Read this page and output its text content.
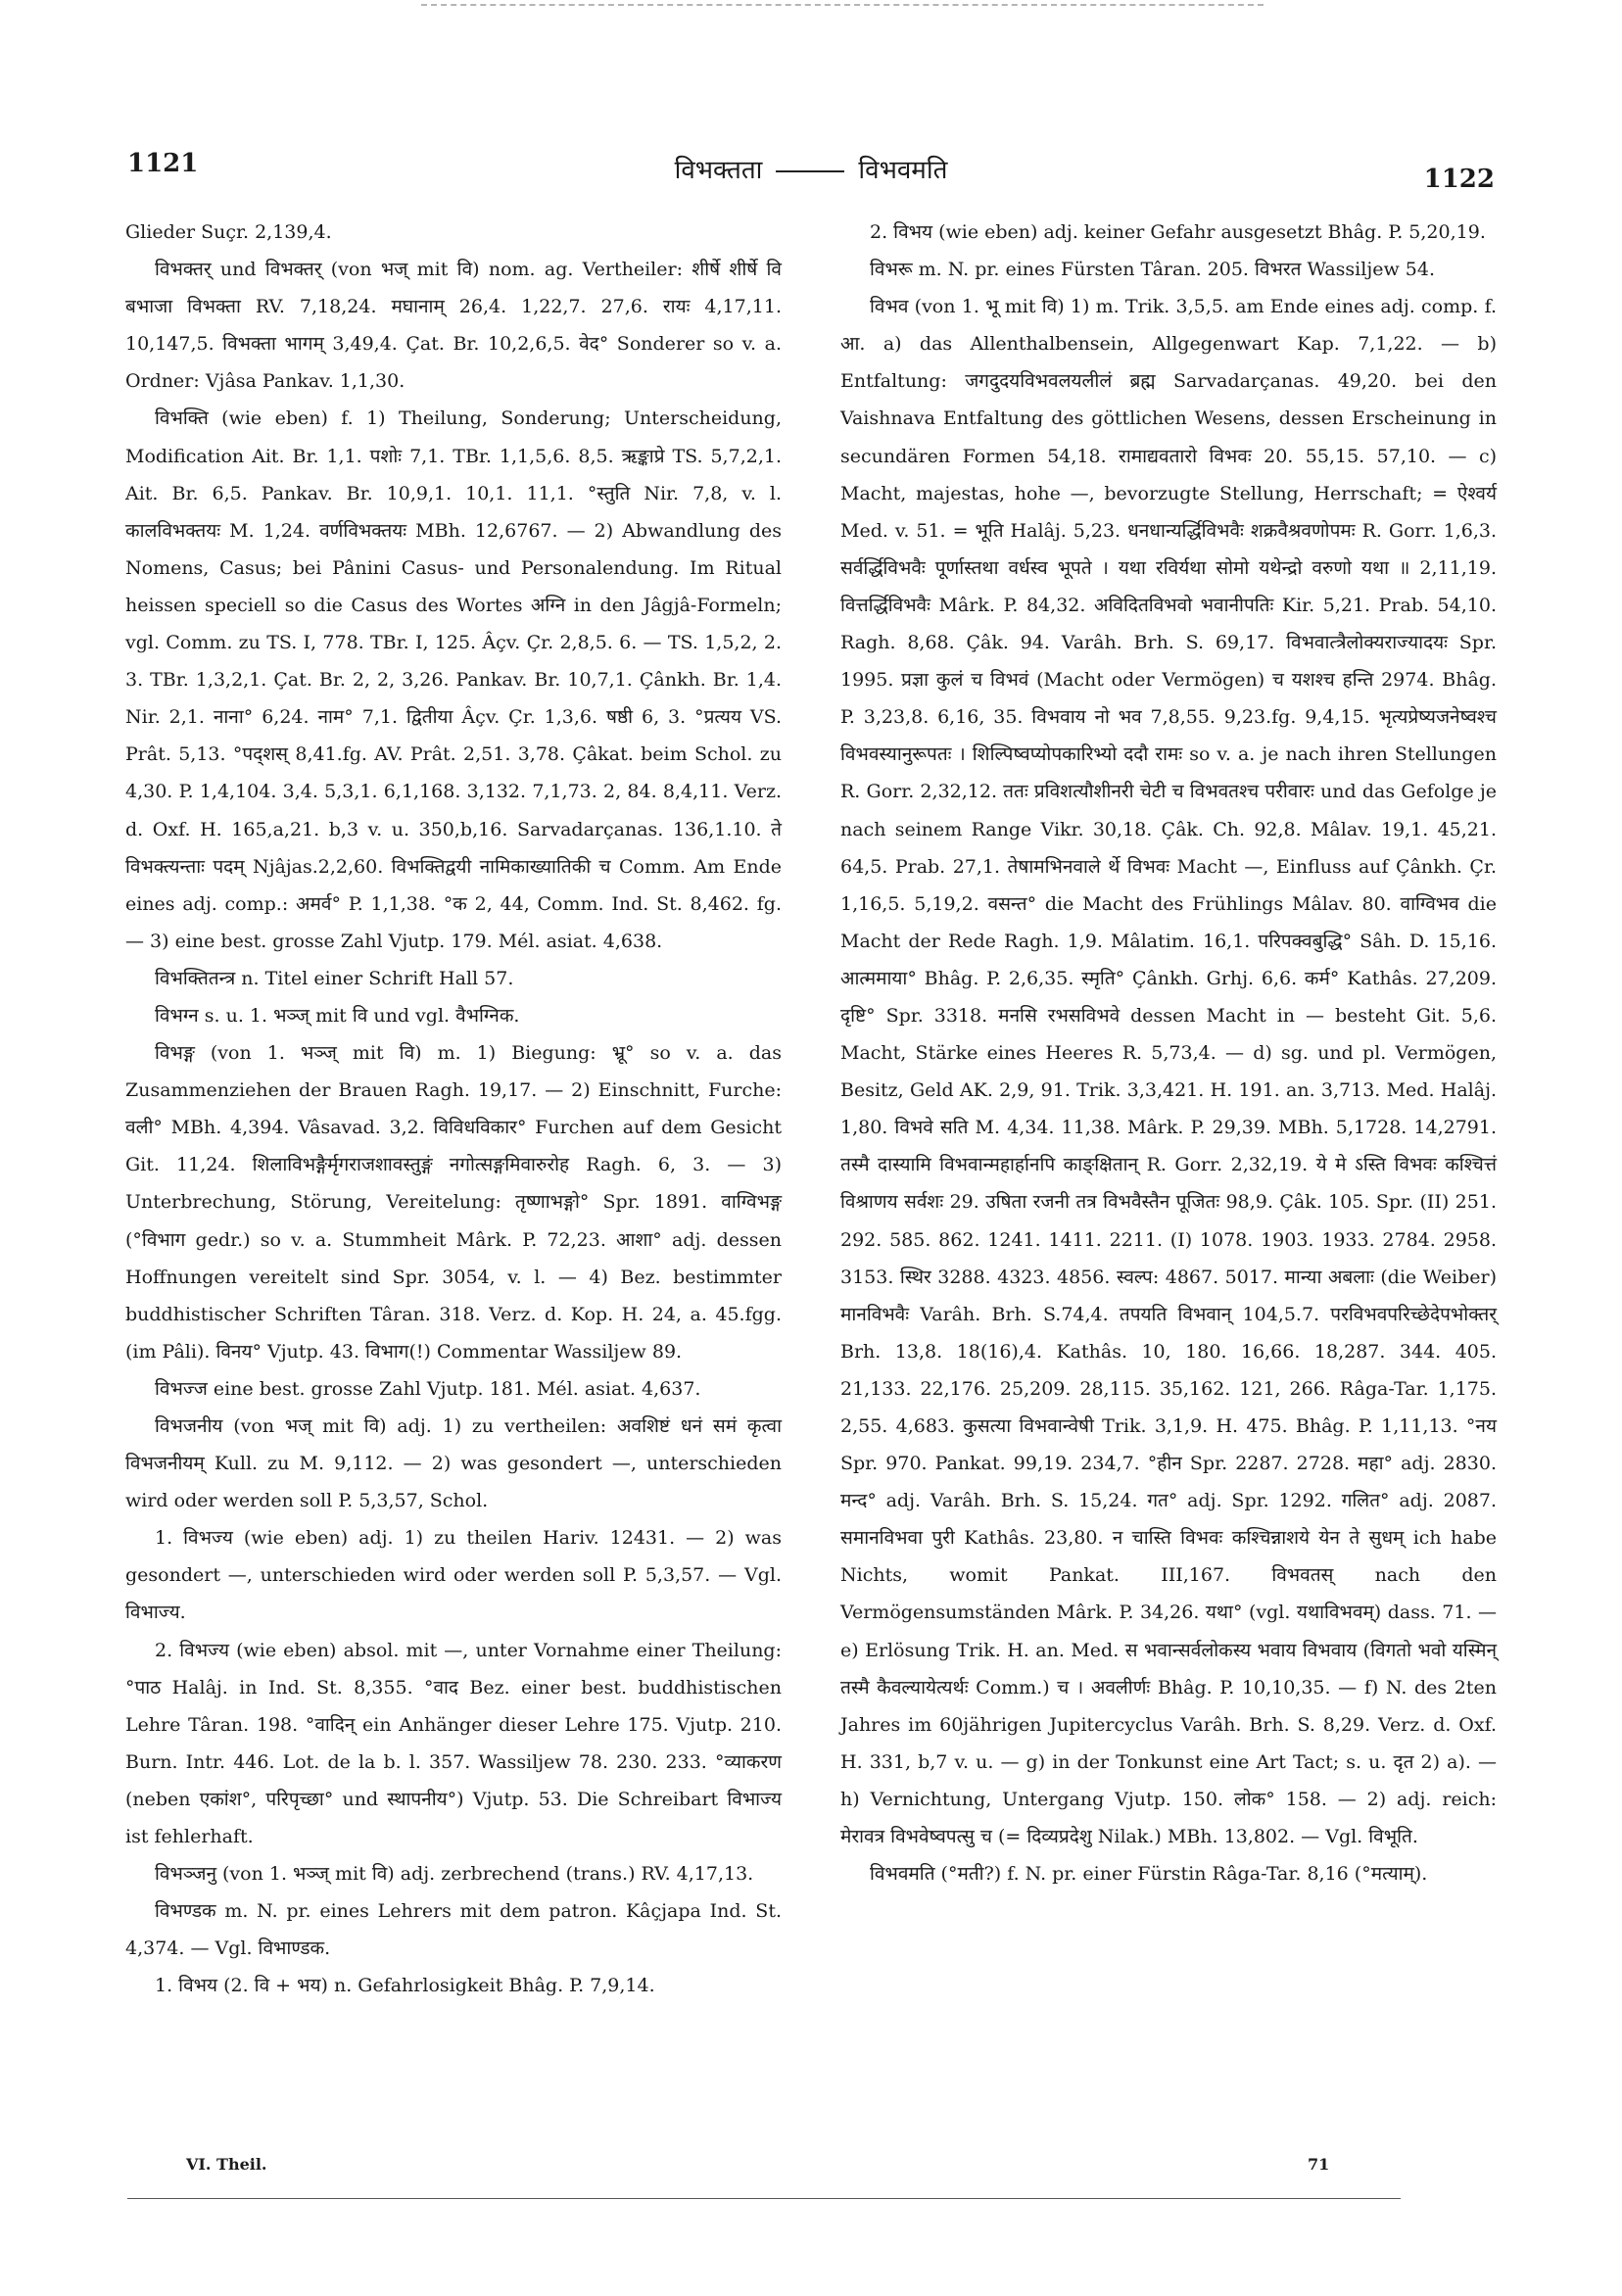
1121	विभक्तता	विभवमति	1122

Glieder Suçr. 2,139,4.

विभक्तर् und विभक्तर् (von भज् mit वि) nom. ag. Vertheiler: शीर्षे शीर्षे वि बभाजा विभक्ता RV. 7,18,24. मघानाम् 26,4. 1,22,7. 27,6. रायः 4,17,11. 10,147,5. विभक्ता भागम् 3,49,4. Çat. Br. 10,2,6,5. वेद° Sonderer so v. a. Ordner: Vjâsa Pankav. 1,1,30.

विभक्ति (wie eben) f. 1) Theilung, Sonderung; Unterscheidung, Modification Ait. Br. 1,1. पशोः 7,1. TBr. 1,1,5,6. 8,5. ऋङ्काप्रे TS. 5,7,2,1. Ait. Br. 6,5. Pankav. Br. 10,9,1. 10,1. 11,1. °स्तुति Nir. 7,8, v. l. कालविभक्तयः M. 1,24. वर्णविभक्तयः MBh. 12,6767. — 2) Abwandlung des Nomens, Casus; bei Pânini Casus- und Personalendung. Im Ritual heissen speciell so die Casus des Wortes अग्नि in den Jâgjâ-Formeln; vgl. Comm. zu TS. I, 778. TBr. I, 125. Âçv. Çr. 2,8,5. 6. — TS. 1,5,2, 2. 3. TBr. 1,3,2,1. Çat. Br. 2, 2, 3,26. Pankav. Br. 10,7,1. Çânkh. Br. 1,4. Nir. 2,1. नाना° 6,24. नाम° 7,1. द्वितीया Âçv. Çr. 1,3,6. षष्ठी 6, 3. °प्रत्यय VS. Prât. 5,13. °पद्शस् 8,41.fg. AV. Prât. 2,51. 3,78. Çâkat. beim Schol. zu 4,30. P. 1,4,104. 3,4. 5,3,1. 6,1,168. 3,132. 7,1,73. 2, 84. 8,4,11. Verz. d. Oxf. H. 165,a,21. b,3 v. u. 350,b,16. Sarvadarçanas. 136,1.10. ते विभक्त्यन्ताः पदम् Njâjas.2,2,60. विभक्तिद्वयी नामिकाख्यातिकी च Comm. Am Ende eines adj. comp.: अमर्व° P. 1,1,38. °क 2, 44, Comm. Ind. St. 8,462. fg. — 3) eine best. grosse Zahl Vjutp. 179. Mél. asiat. 4,638.

विभक्तितन्त्र n. Titel einer Schrift Hall 57.

विभग्न s. u. 1. भञ्ज् mit वि und vgl. वैभग्निक.

विभङ्ग (von 1. भञ्ज् mit वि) m. 1) Biegung: भ्रू° so v. a. das Zusammenziehen der Brauen Ragh. 19,17. — 2) Einschnitt, Furche: वली° MBh. 4,394. Vâsavad. 3,2. विविधविकार° Furchen auf dem Gesicht Git. 11,24. शिलाविभङ्गैर्मृगराजशावस्तुङ्गं नगोत्सङ्गमिवारुरोह Ragh. 6, 3. — 3) Unterbrechung, Störung, Vereitelung: तृष्णाभङ्गो° Spr. 1891. वाग्विभङ्ग (°विभाग gedr.) so v. a. Stummheit Mârk. P. 72,23. आशा° adj. dessen Hoffnungen vereitelt sind Spr. 3054, v. l. — 4) Bez. bestimmter buddhistischer Schriften Târan. 318. Verz. d. Kop. H. 24, a. 45.fgg. (im Pâli). विनय° Vjutp. 43. विभाग(!) Commentar Wassiljew 89.

विभज्ज eine best. grosse Zahl Vjutp. 181. Mél. asiat. 4,637.

विभजनीय (von भज् mit वि) adj. 1) zu vertheilen: अवशिष्टं धनं समं कृत्वा विभजनीयम् Kull. zu M. 9,112. — 2) was gesondert —, unterschieden wird oder werden soll P. 5,3,57, Schol.

1. विभज्य (wie eben) adj. 1) zu theilen Hariv. 12431. — 2) was gesondert —, unterschieden wird oder werden soll P. 5,3,57. — Vgl. विभाज्य.

2. विभज्य (wie eben) absol. mit —, unter Vornahme einer Theilung: °पाठ Halâj. in Ind. St. 8,355. °वाद Bez. einer best. buddhistischen Lehre Târan. 198. °वादिन् ein Anhänger dieser Lehre 175. Vjutp. 210. Burn. Intr. 446. Lot. de la b. l. 357. Wassiljew 78. 230. 233. °व्याकरण (neben एकांश°, परिपृच्छा° und स्थापनीय°) Vjutp. 53. Die Schreibart विभाज्य ist fehlerhaft.

विभञ्जनु (von 1. भञ्ज् mit वि) adj. zerbrechend (trans.) RV. 4,17,13.

विभण्डक m. N. pr. eines Lehrers mit dem patron. Kâçjapa Ind. St. 4,374. — Vgl. विभाण्डक.

1. विभय (2. वि + भय) n. Gefahrlosigkeit Bhâg. P. 7,9,14.

2. विभय (wie eben) adj. keiner Gefahr ausgesetzt Bhâg. P. 5,20,19.

विभरू m. N. pr. eines Fürsten Târan. 205. विभरत Wassiljew 54.

विभव (von 1. भू mit वि) 1) m. Trik. 3,5,5. am Ende eines adj. comp. f. आ. a) das Allenthalbensein, Allgegenwart Kap. 7,1,22. — b) Entfaltung: जगदुदयविभवलयलीलं ब्रह्म Sarvadarçanas. 49,20. bei den Vaishnava Entfaltung des göttlichen Wesens, dessen Erscheinung in secundären Formen 54,18. रामाद्यवतारो विभवः 20. 55,15. 57,10. — c) Macht, majestas, hohe —, bevorzugte Stellung, Herrschaft; = ऐश्वर्य Med. v. 51. = भूति Halâj. 5,23. धनधान्यर्द्धिविभवैः शक्रवैश्रवणोपमः R. Gorr. 1,6,3. सर्वर्द्धिविभवैः पूर्णास्तथा वर्धस्व भूपते । यथा रविर्यथा सोमो यथेन्द्रो वरुणो यथा ॥ 2,11,19. वित्तर्द्धिविभवैः Mârk. P. 84,32. अविदितविभवो भवानीपतिः Kir. 5,21. Prab. 54,10. Ragh. 8,68. Çâk. 94. Varâh. Brh. S. 69,17. विभवात्त्रैलोक्यराज्यादयः Spr. 1995. प्रज्ञा कुलं च विभवं (Macht oder Vermögen) च यशश्च हन्ति 2974. Bhâg. P. 3,23,8. 6,16, 35. विभवाय नो भव 7,8,55. 9,23.fg. 9,4,15. भृत्यप्रेष्यजनेष्वश्च विभवस्यानुरूपतः । शिल्पिष्वप्योपकारिभ्यो ददौ रामः so v. a. je nach ihren Stellungen R. Gorr. 2,32,12. ततः प्रविशत्यौशीनरी चेटी च विभवतश्च परीवारः und das Gefolge je nach seinem Range Vikr. 30,18. Çâk. Ch. 92,8. Mâlav. 19,1. 45,21. 64,5. Prab. 27,1. तेषामभिनवाले र्थे विभवः Macht —, Einfluss auf Çânkh. Çr. 1,16,5. 5,19,2. वसन्त° die Macht des Frühlings Mâlav. 80. वाग्विभव die Macht der Rede Ragh. 1,9. Mâlatim. 16,1. परिपक्वबुद्धि° Sâh. D. 15,16. आत्ममाया° Bhâg. P. 2,6,35. स्मृति° Çânkh. Grhj. 6,6. कर्म° Kathâs. 27,209. दृष्टि° Spr. 3318. मनसि रभसविभवे dessen Macht in — besteht Git. 5,6. Macht, Stärke eines Heeres R. 5,73,4. — d) sg. und pl. Vermögen, Besitz, Geld AK. 2,9, 91. Trik. 3,3,421. H. 191. an. 3,713. Med. Halâj. 1,80. विभवे सति M. 4,34. 11,38. Mârk. P. 29,39. MBh. 5,1728. 14,2791. तस्मै दास्यामि विभवान्महार्हानपि काङ्क्षितान् R. Gorr. 2,32,19. ये मे ऽस्ति विभवः कश्चित्तं विश्राणय सर्वशः 29. उषिता रजनी तत्र विभवैस्तैन पूजितः 98,9. Çâk. 105. Spr. (II) 251. 292. 585. 862. 1241. 1411. 2211. (I) 1078. 1903. 1933. 2784. 2958. 3153. स्थिर 3288. 4323. 4856. स्वल्प: 4867. 5017. मान्या अबलाः (die Weiber) मानविभवैः Varâh. Brh. S.74,4. तपयति विभवान् 104,5.7. परविभवपरिच्छेदेपभोक्तर् Brh. 13,8. 18(16),4. Kathâs. 10, 180. 16,66. 18,287. 344. 405. 21,133. 22,176. 25,209. 28,115. 35,162. 121, 266. Râga-Tar. 1,175. 2,55. 4,683. कुसत्या विभवान्वेषी Trik. 3,1,9. H. 475. Bhâg. P. 1,11,13. °नय Spr. 970. Pankat. 99,19. 234,7. °हीन Spr. 2287. 2728. महा° adj. 2830. मन्द° adj. Varâh. Brh. S. 15,24. गत° adj. Spr. 1292. गलित° adj. 2087. समानविभवा पुरी Kathâs. 23,80. न चास्ति विभवः कश्चिन्नाशये येन ते सुधम् ich habe Nichts, womit Pankat. III,167. विभवतस् nach den Vermögensumständen Mârk. P. 34,26. यथा° (vgl. यथाविभवम्) dass. 71. — e) Erlösung Trik. H. an. Med. स भवान्सर्वलोकस्य भवाय विभवाय (विगतो भवो यस्मिन् तस्मै कैवल्यायेत्यर्थः Comm.) च । अवलीर्णः Bhâg. P. 10,10,35. — f) N. des 2ten Jahres im 60jährigen Jupitercyclus Varâh. Brh. S. 8,29. Verz. d. Oxf. H. 331, b,7 v. u. — g) in der Tonkunst eine Art Tact; s. u. दृत 2) a). — h) Vernichtung, Untergang Vjutp. 150. लोक° 158. — 2) adj. reich: मेरावत्र विभवेष्वपत्सु च (= दिव्यप्रदेशु Nilak.) MBh. 13,802. — Vgl. विभूति.

विभवमति (°मती?) f. N. pr. einer Fürstin Râga-Tar. 8,16 (°मत्याम्).

VI. Theil.	71
